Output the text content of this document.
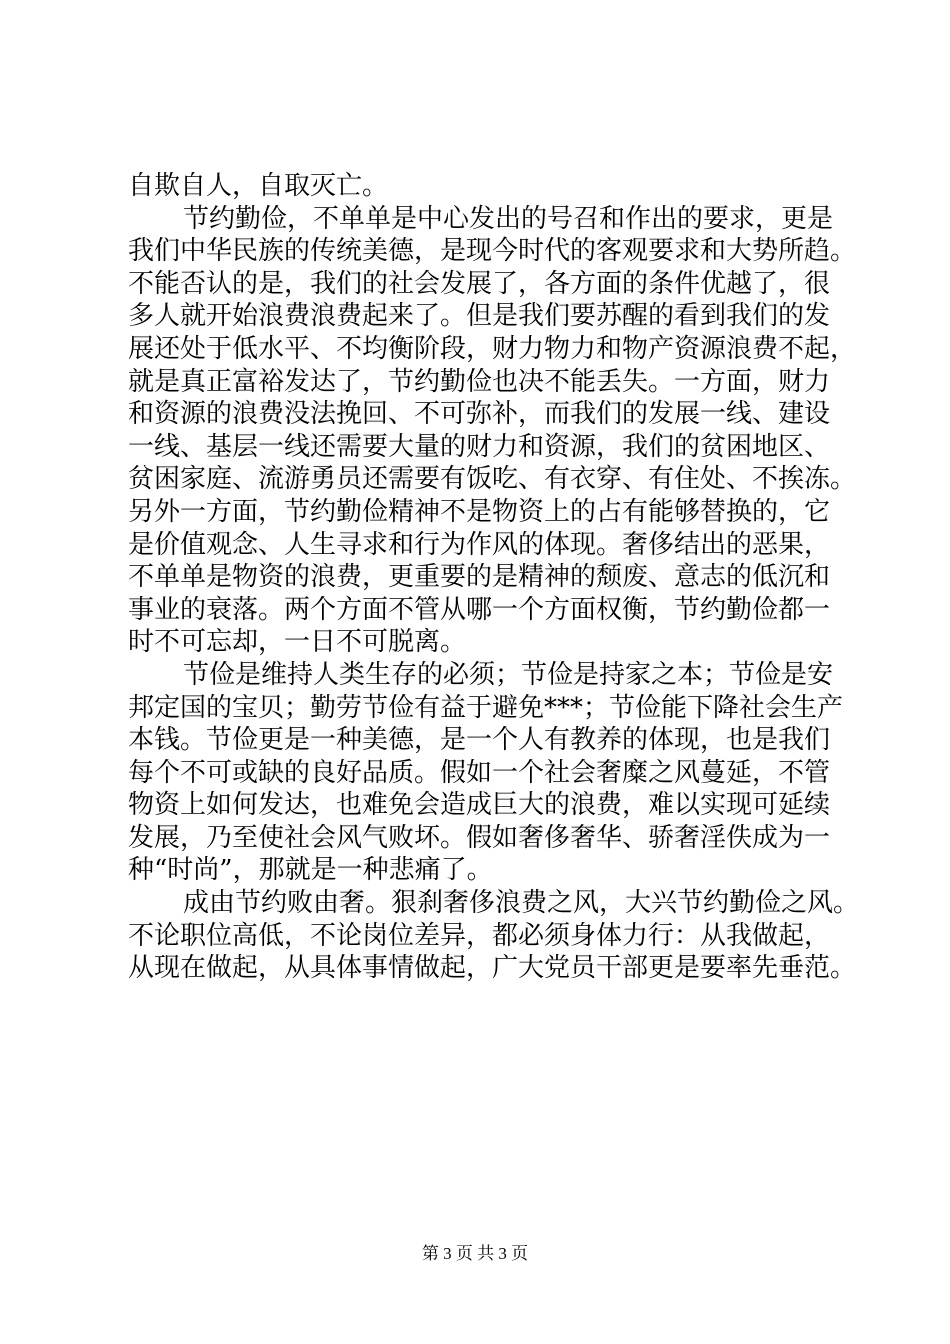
自欺自人，自取灭亡。
节约勤俭，不单单是中心发出的号召和作出的要求，更是
我们中华民族的传统美德，是现今时代的客观要求和大势所趋。
不能否认的是，我们的社会发展了，各方面的条件优越了，很
多人就开始浪费浪费起来了。但是我们要苏醒的看到我们的发
展还处于低水平、不均衡阶段，财力物力和物产资源浪费不起，
就是真正富裕发达了，节约勤俭也决不能丢失。一方面，财力
和资源的浪费没法挽回、不可弥补，而我们的发展一线、建设
一线、基层一线还需要大量的财力和资源，我们的贫困地区、
贫困家庭、流游勇员还需要有饭吃、有衣穿、有住处、不挨冻。
另外一方面，节约勤俭精神不是物资上的占有能够替换的，它
是价值观念、人生寻求和行为作风的体现。奢侈结出的恶果，
不单单是物资的浪费，更重要的是精神的颓废、意志的低沉和
事业的衰落。两个方面不管从哪一个方面权衡，节约勤俭都一
时不可忘却，一日不可脱离。
节俭是维持人类生存的必须；节俭是持家之本；节俭是安
邦定国的宝贝；勤劳节俭有益于避免***；节俭能下降社会生产
本钱。节俭更是一种美德，是一个人有教养的体现，也是我们
每个不可或缺的良好品质。假如一个社会奢糜之风蔓延，不管
物资上如何发达，也难免会造成巨大的浪费，难以实现可延续
发展，乃至使社会风气败坏。假如奢侈奢华、骄奢淫佚成为一
种“时尚”，那就是一种悲痛了。
成由节约败由奢。狠刹奢侈浪费之风，大兴节约勤俭之风。
不论职位高低，不论岗位差异，都必须身体力行：从我做起，
从现在做起，从具体事情做起，广大党员干部更是要率先垂范。
第 3 页 共 3 页
